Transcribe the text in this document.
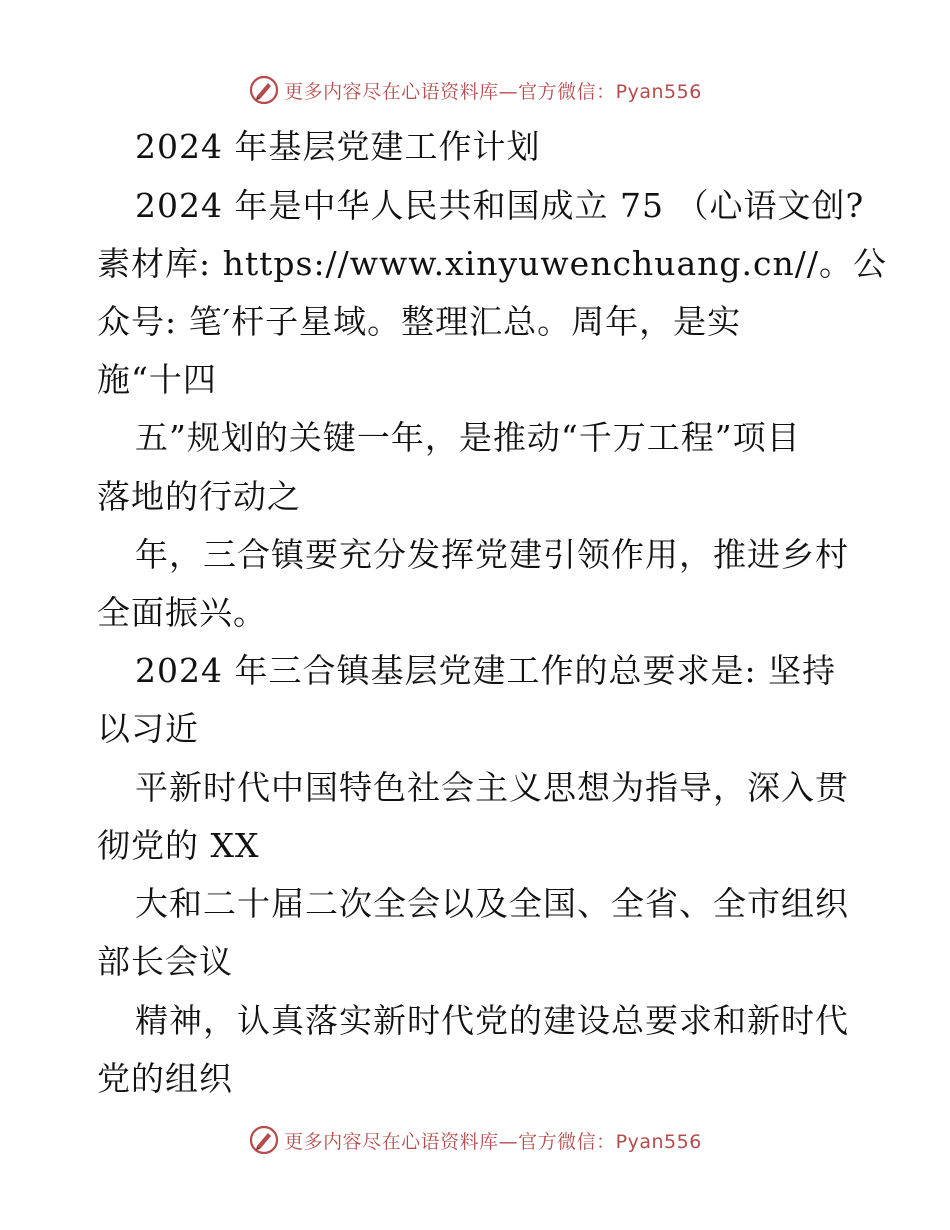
更多内容尽在心语资料库—官方微信：Pyan556
2024 年基层党建工作计划
2024 年是中华人民共和国成立 75 （心语文创?
素材库: https://www.xinyuwenchuang.cn//。公
众号: 笔′杆子星域。整理汇总。周年，是实
施“十四
五”规划的关键一年，是推动“千万工程”项目
落地的行动之
年，三合镇要充分发挥党建引领作用，推进乡村
全面振兴。
2024 年三合镇基层党建工作的总要求是: 坚持
以习近
平新时代中国特色社会主义思想为指导，深入贯
彻党的 XX
大和二十届二次全会以及全国、全省、全市组织
部长会议
精神，认真落实新时代党的建设总要求和新时代
党的组织
更多内容尽在心语资料库—官方微信：Pyan556
